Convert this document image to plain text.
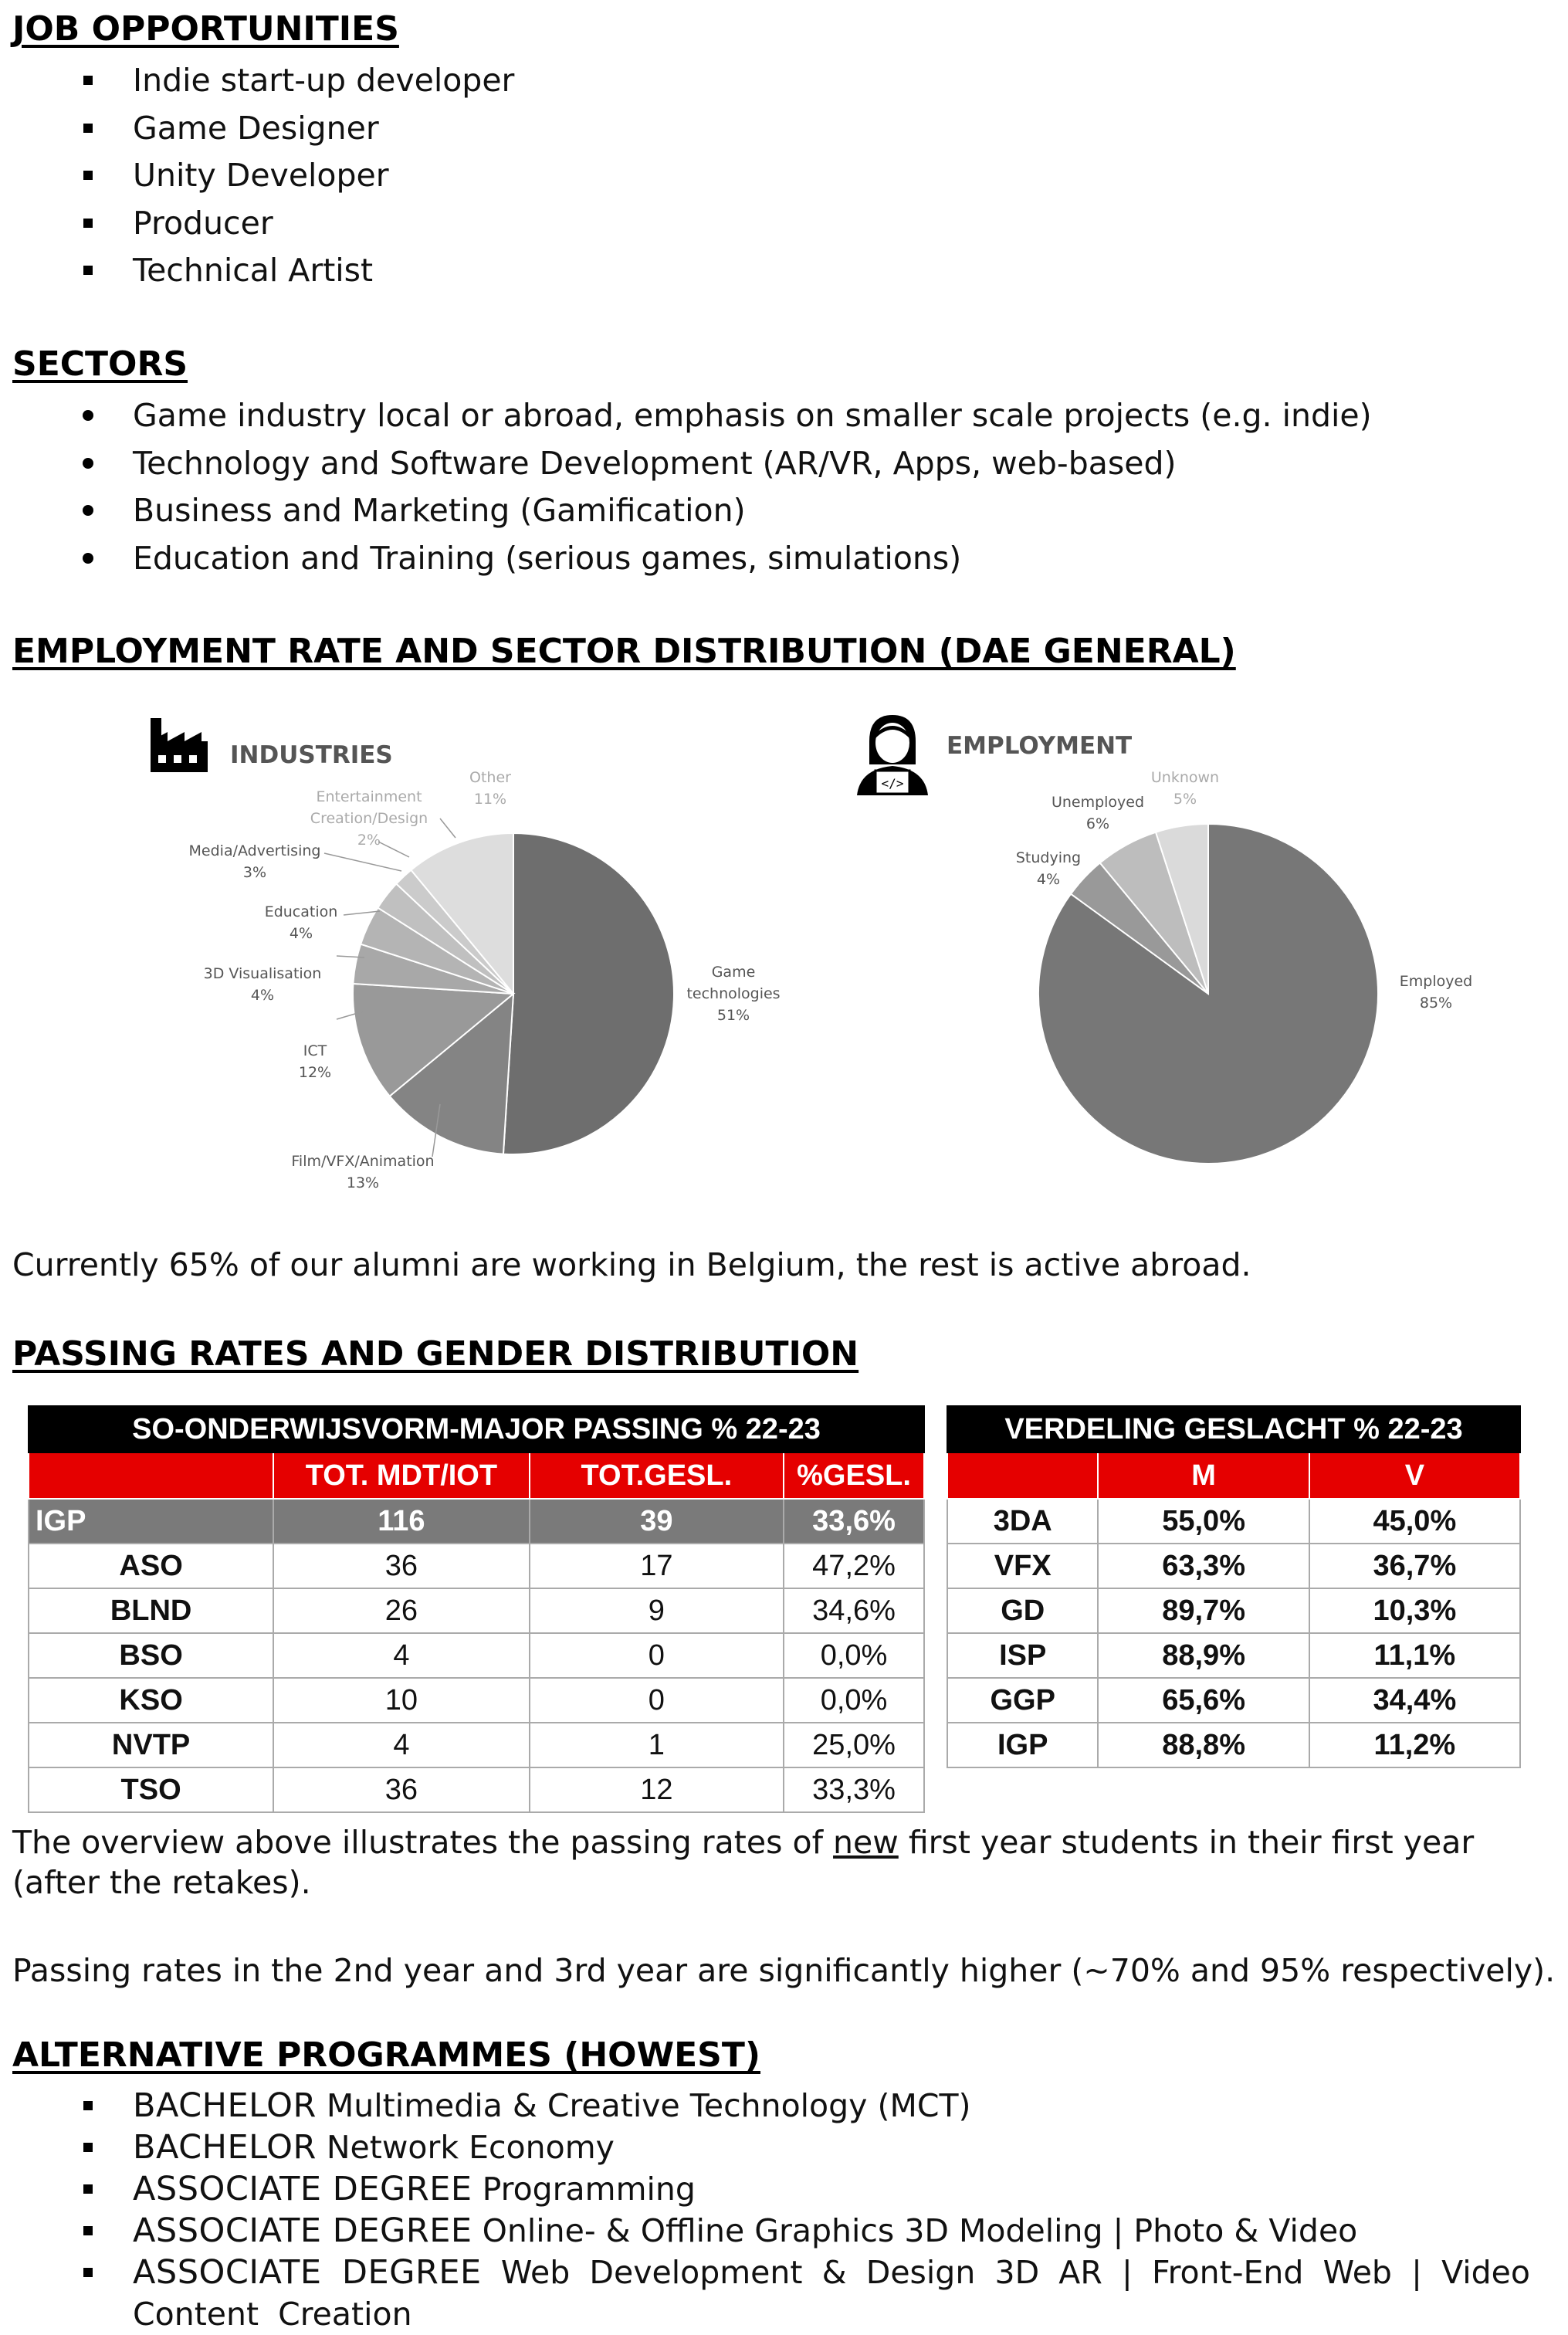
JOB OPPORTUNITIES
Indie start-up developer
Game Designer
Unity Developer
Producer
Technical Artist
SECTORS
Game industry local or abroad, emphasis on smaller scale projects (e.g. indie)
Technology and Software Development (AR/VR, Apps, web-based)
Business and Marketing (Gamification)
Education and Training (serious games, simulations)
EMPLOYMENT RATE AND SECTOR DISTRIBUTION (DAE GENERAL)
INDUSTRIES
</>
EMPLOYMENT
Game technologies 51%
Film/VFX/Animation 13%
ICT 12%
3D Visualisation 4%
Education 4%
Media/Advertising 3%
Entertainment Creation/Design 2%
Other 11%
Employed 85%
Studying 4%
Unemployed 6%
Unknown 5%

Currently 65% of our alumni are working in Belgium, the rest is active abroad.

PASSING RATES AND GENDER DISTRIBUTION
SO-ONDERWIJSVORM-MAJOR PASSING % 22-23			
	TOT. MDT/IOT	TOT.GESL.	%GESL.
IGP	116	39	33,6%
ASO	36	17	47,2%
BLND	26	9	34,6%
BSO	4	0	0,0%
KSO	10	0	0,0%
NVTP	4	1	25,0%
TSO	36	12	33,3%
VERDELING GESLACHT % 22-23		
	M	V
3DA	55,0%	45,0%
VFX	63,3%	36,7%
GD	89,7%	10,3%
ISP	88,9%	11,1%
GGP	65,6%	34,4%
IGP	88,8%	11,2%

The overview above illustrates the passing rates of new first year students in their first year (after the retakes).

Passing rates in the 2nd year and 3rd year are significantly higher (~70% and 95% respectively).

ALTERNATIVE PROGRAMMES (HOWEST)
BACHELOR Multimedia & Creative Technology (MCT)
BACHELOR Network Economy
ASSOCIATE DEGREE Programming
ASSOCIATE DEGREE Online- & Offline Graphics 3D Modeling | Photo & Video
ASSOCIATE DEGREE Web Development & Design 3D AR | Front-End Web | Video Content Creation
